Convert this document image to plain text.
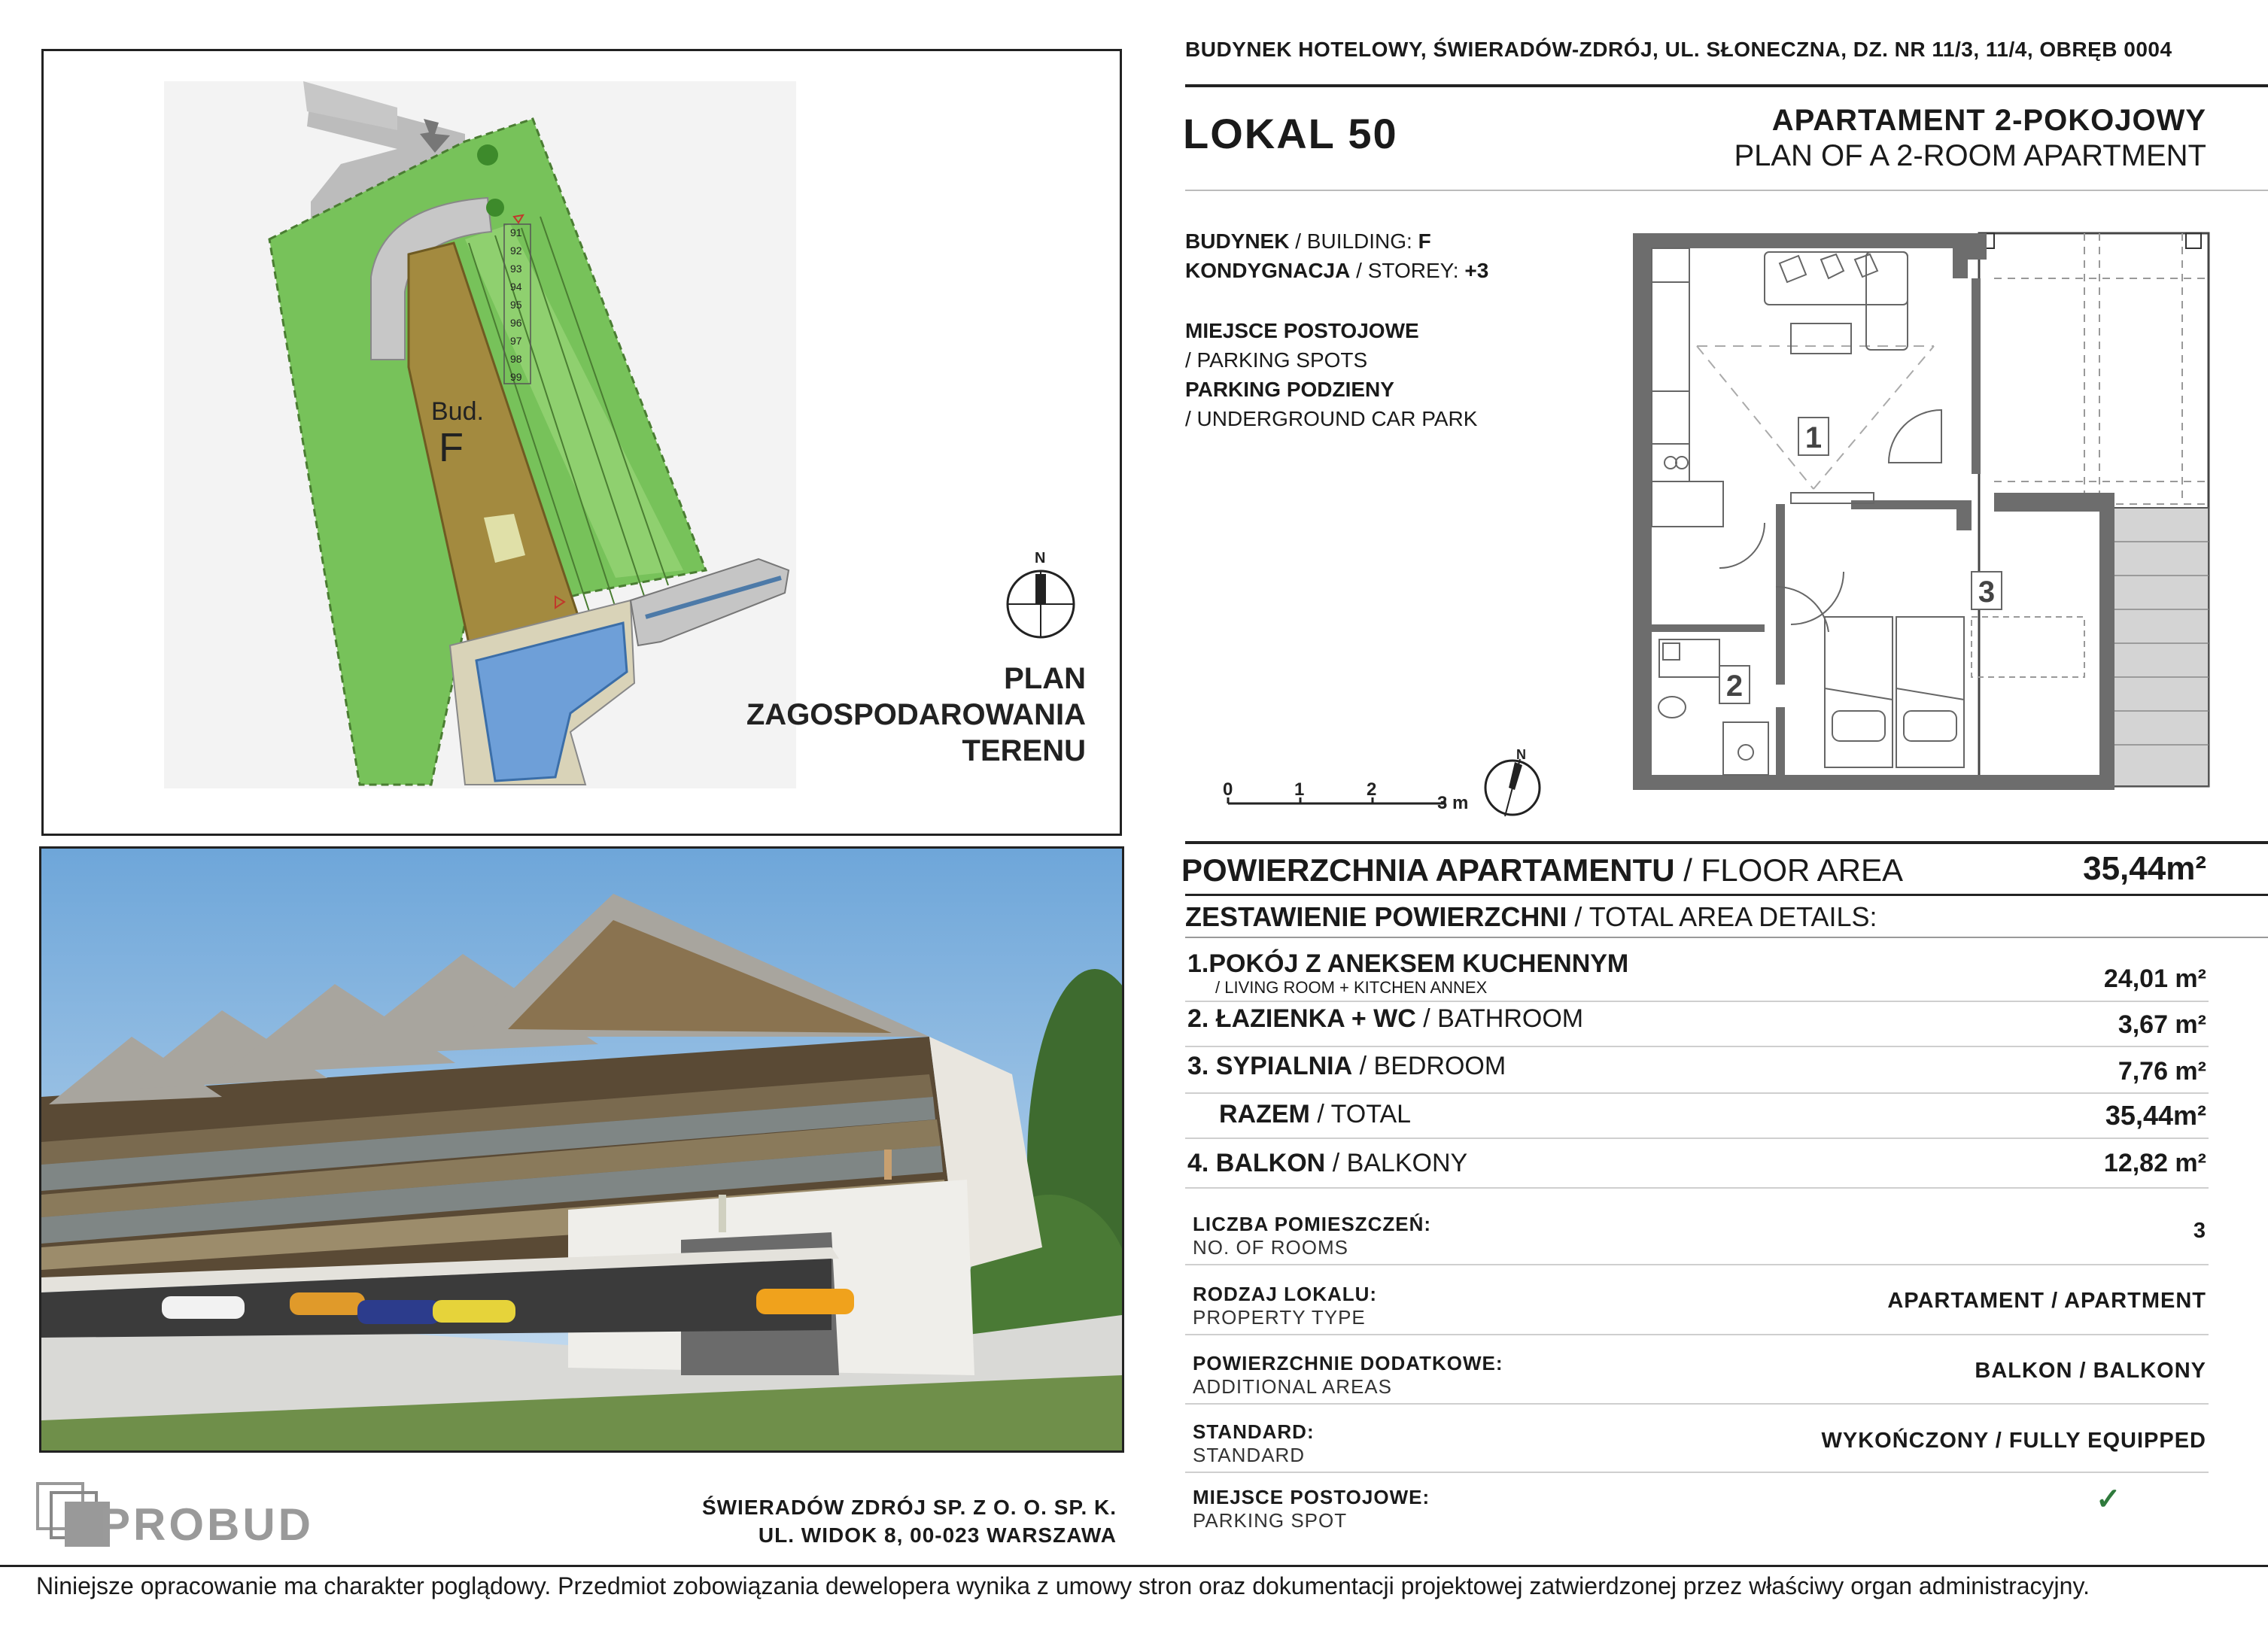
Bud.
F
91
92
93
94
95
96
97
98
99
N
PLAN
ZAGOSPODAROWANIA
TERENU
PROBUD	ŚWIERADÓW ZDRÓJ SP. Z O. O. SP. K.
UL. WIDOK 8, 00-023 WARSZAWA
Niniejsze opracowanie ma charakter poglądowy. Przedmiot zobowiązania dewelopera wynika z umowy stron oraz dokumentacji projektowej zatwierdzonej przez właściwy organ administracyjny.
BUDYNEK HOTELOWY, ŚWIERADÓW-ZDRÓJ, UL. SŁONECZNA, DZ. NR 11/3, 11/4, OBRĘB 0004
LOKAL 50	APARTAMENT 2-POKOJOWY
PLAN OF A 2-ROOM APARTMENT
BUDYNEK / BUILDING: F
KONDYGNACJA / STOREY: +3
MIEJSCE POSTOJOWE
/ PARKING SPOTS
PARKING PODZIENY
/ UNDERGROUND CAR PARK
1
2
3
0	1	2
3 m
N
POWIERZCHNIA APARTAMENTU / FLOOR AREA	35,44m²
ZESTAWIENIE POWIERZCHNI / TOTAL AREA DETAILS:
1.POKÓJ Z ANEKSEM KUCHENNYM
/ LIVING ROOM + KITCHEN ANNEX	24,01 m²
2. ŁAZIENKA + WC / BATHROOM	3,67 m²
3. SYPIALNIA / BEDROOM	7,76 m²
RAZEM / TOTAL	35,44m²
4. BALKON / BALKONY	12,82 m²
LICZBA POMIESZCZEŃ:
NO. OF ROOMS
3
RODZAJ LOKALU:
PROPERTY TYPE
APARTAMENT / APARTMENT
POWIERZCHNIE DODATKOWE:
ADDITIONAL AREAS
BALKON / BALKONY
STANDARD:
STANDARD
WYKOŃCZONY / FULLY EQUIPPED
MIEJSCE POSTOJOWE:
PARKING SPOT
✓
